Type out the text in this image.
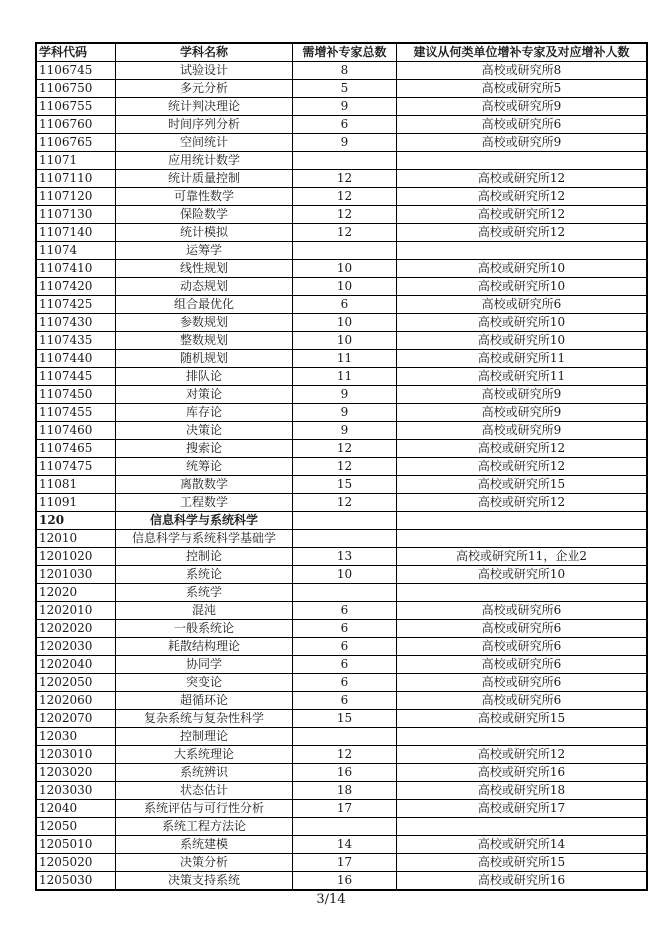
学科代码	学科名称	需增补专家总数	建议从何类单位增补专家及对应增补人数
1106745	试验设计	8	高校或研究所8
1106750	多元分析	5	高校或研究所5
1106755	统计判决理论	9	高校或研究所9
1106760	时间序列分析	6	高校或研究所6
1106765	空间统计	9	高校或研究所9
11071	应用统计数学		
1107110	统计质量控制	12	高校或研究所12
1107120	可靠性数学	12	高校或研究所12
1107130	保险数学	12	高校或研究所12
1107140	统计模拟	12	高校或研究所12
11074	运筹学		
1107410	线性规划	10	高校或研究所10
1107420	动态规划	10	高校或研究所10
1107425	组合最优化	6	高校或研究所6
1107430	参数规划	10	高校或研究所10
1107435	整数规划	10	高校或研究所10
1107440	随机规划	11	高校或研究所11
1107445	排队论	11	高校或研究所11
1107450	对策论	9	高校或研究所9
1107455	库存论	9	高校或研究所9
1107460	决策论	9	高校或研究所9
1107465	搜索论	12	高校或研究所12
1107475	统筹论	12	高校或研究所12
11081	离散数学	15	高校或研究所15
11091	工程数学	12	高校或研究所12
120	信息科学与系统科学		
12010	信息科学与系统科学基础学		
1201020	控制论	13	高校或研究所11，企业2
1201030	系统论	10	高校或研究所10
12020	系统学		
1202010	混沌	6	高校或研究所6
1202020	一般系统论	6	高校或研究所6
1202030	耗散结构理论	6	高校或研究所6
1202040	协同学	6	高校或研究所6
1202050	突变论	6	高校或研究所6
1202060	超循环论	6	高校或研究所6
1202070	复杂系统与复杂性科学	15	高校或研究所15
12030	控制理论		
1203010	大系统理论	12	高校或研究所12
1203020	系统辨识	16	高校或研究所16
1203030	状态估计	18	高校或研究所18
12040	系统评估与可行性分析	17	高校或研究所17
12050	系统工程方法论		
1205010	系统建模	14	高校或研究所14
1205020	决策分析	17	高校或研究所15
1205030	决策支持系统	16	高校或研究所16
3/14
